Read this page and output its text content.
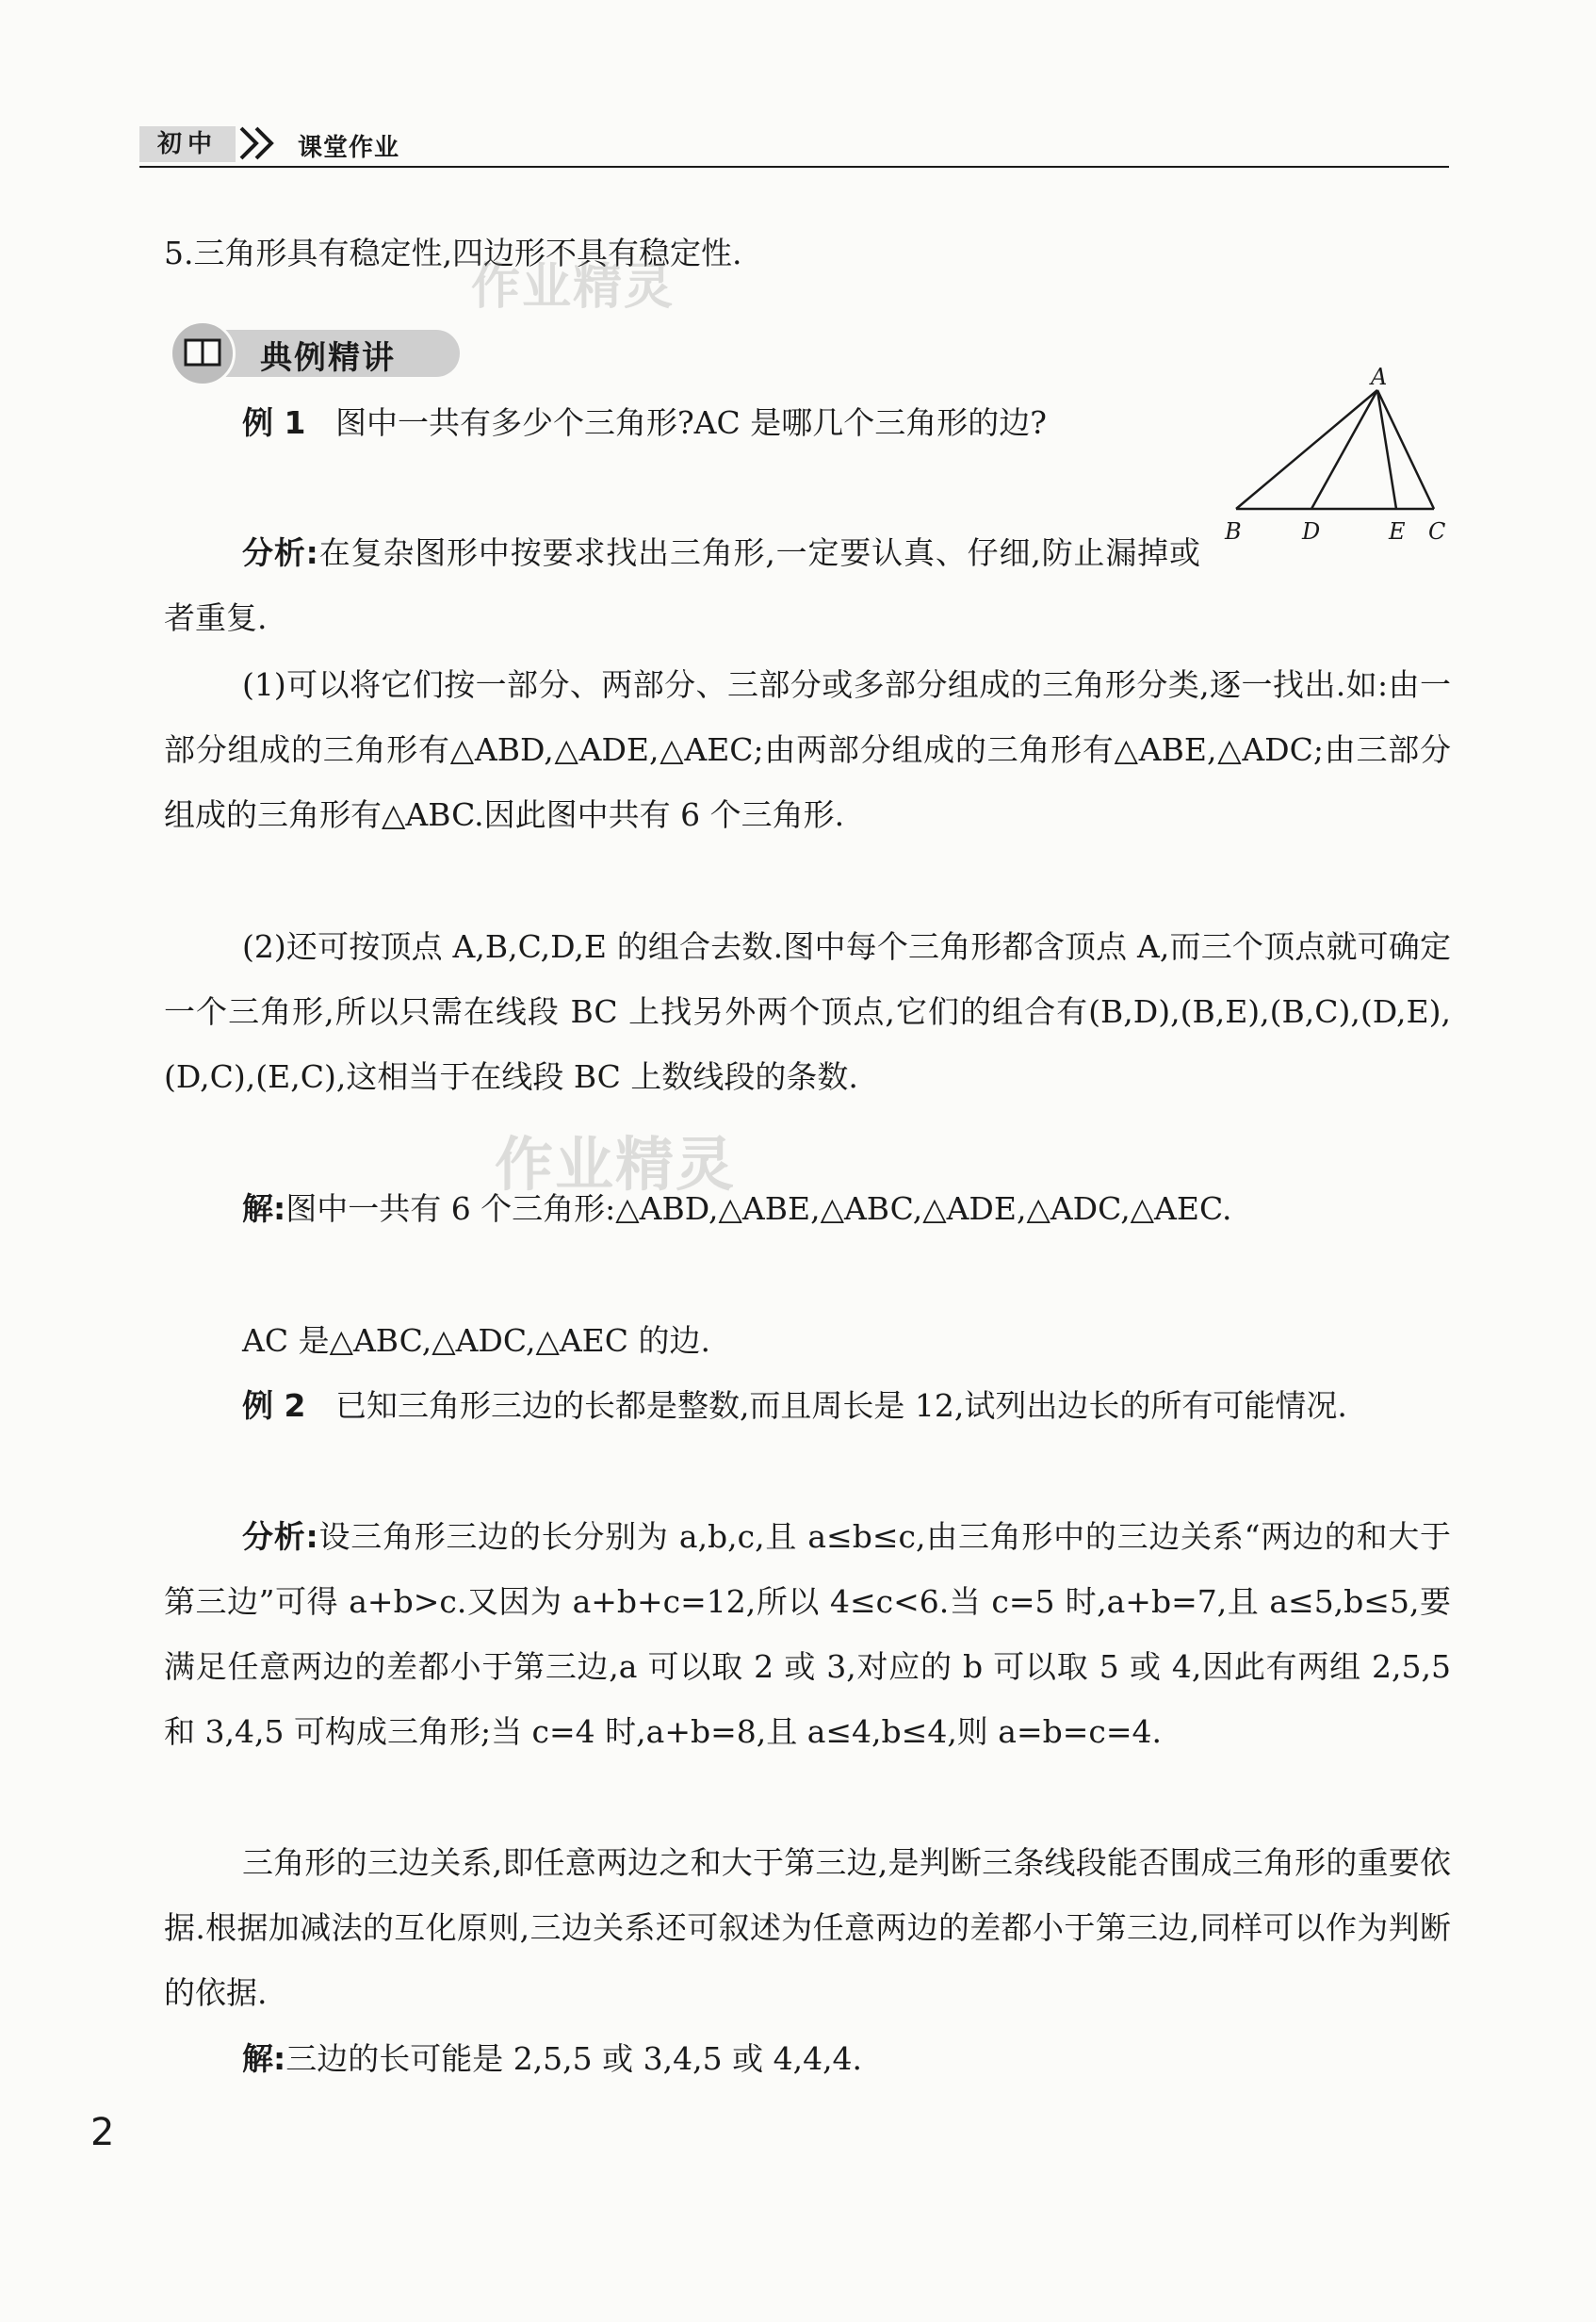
初中	课堂作业

5.三角形具有稳定性,四边形不具有稳定性.

作业精灵
典例精讲	A
B	D	E C
例 1 图中一共有多少个三角形?AC 是哪几个三角形的边?
分析:在复杂图形中按要求找出三角形,一定要认真、仔细,防止漏掉或者重复.
(1)可以将它们按一部分、两部分、三部分或多部分组成的三角形分类,逐一找出.如:由一部分组成的三角形有△ABD,△ADE,△AEC;由两部分组成的三角形有△ABE,△ADC;由三部分组成的三角形有△ABC.因此图中共有 6 个三角形.
(2)还可按顶点 A,B,C,D,E 的组合去数.图中每个三角形都含顶点 A,而三个顶点就可确定一个三角形,所以只需在线段 BC 上找另外两个顶点,它们的组合有(B,D),(B,E),(B,C),(D,E),(D,C),(E,C),这相当于在线段 BC 上数线段的条数.
作业精灵
解:图中一共有 6 个三角形:△ABD,△ABE,△ABC,△ADE,△ADC,△AEC.
AC 是△ABC,△ADC,△AEC 的边.
例 2 已知三角形三边的长都是整数,而且周长是 12,试列出边长的所有可能情况.
分析:设三角形三边的长分别为 a,b,c,且 a≤b≤c,由三角形中的三边关系“两边的和大于第三边”可得 a+b>c.又因为 a+b+c=12,所以 4≤c<6.当 c=5 时,a+b=7,且 a≤5,b≤5,要满足任意两边的差都小于第三边,a 可以取 2 或 3,对应的 b 可以取 5 或 4,因此有两组 2,5,5 和 3,4,5 可构成三角形;当 c=4 时,a+b=8,且 a≤4,b≤4,则 a=b=c=4.
三角形的三边关系,即任意两边之和大于第三边,是判断三条线段能否围成三角形的重要依据.根据加减法的互化原则,三边关系还可叙述为任意两边的差都小于第三边,同样可以作为判断的依据.
解:三边的长可能是 2,5,5 或 3,4,5 或 4,4,4.
2
